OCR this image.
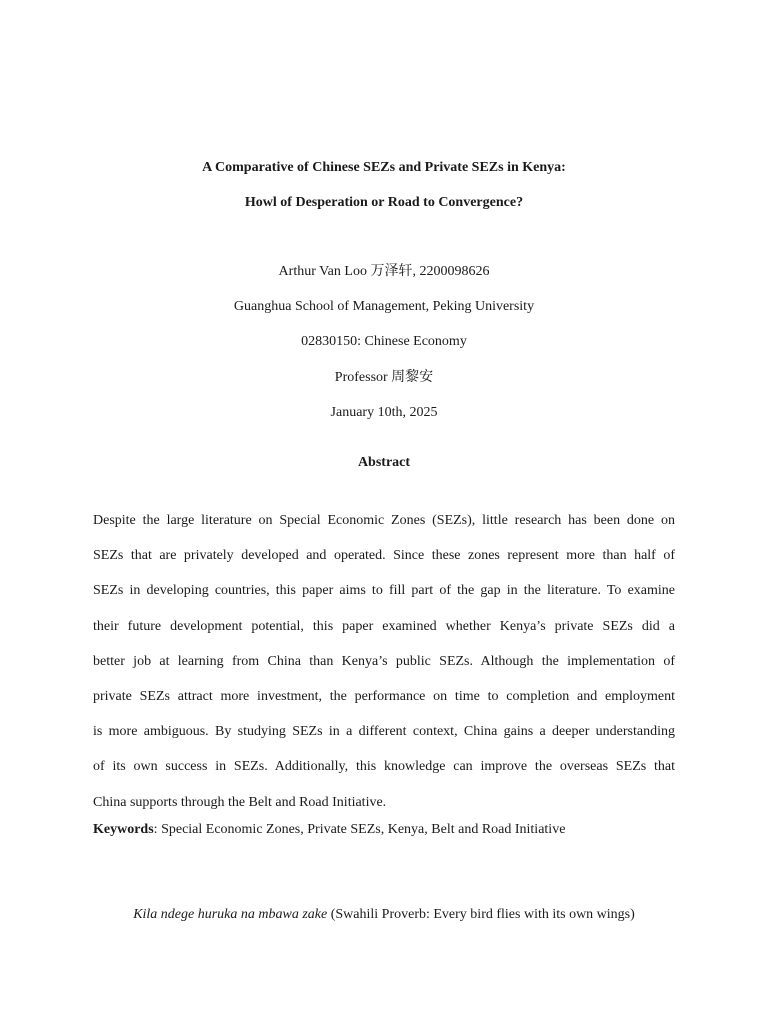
A Comparative of Chinese SEZs and Private SEZs in Kenya:
Howl of Desperation or Road to Convergence?
Arthur Van Loo 万泽轩, 2200098626
Guanghua School of Management, Peking University
02830150: Chinese Economy
Professor 周黎安
January 10th, 2025
Abstract
Despite the large literature on Special Economic Zones (SEZs), little research has been done on
SEZs that are privately developed and operated. Since these zones represent more than half of
SEZs in developing countries, this paper aims to fill part of the gap in the literature. To examine
their future development potential, this paper examined whether Kenya’s private SEZs did a
better job at learning from China than Kenya’s public SEZs. Although the implementation of
private SEZs attract more investment, the performance on time to completion and employment
is more ambiguous. By studying SEZs in a different context, China gains a deeper understanding
of its own success in SEZs. Additionally, this knowledge can improve the overseas SEZs that
China supports through the Belt and Road Initiative.
Keywords: Special Economic Zones, Private SEZs, Kenya, Belt and Road Initiative
Kila ndege huruka na mbawa zake (Swahili Proverb: Every bird flies with its own wings)
